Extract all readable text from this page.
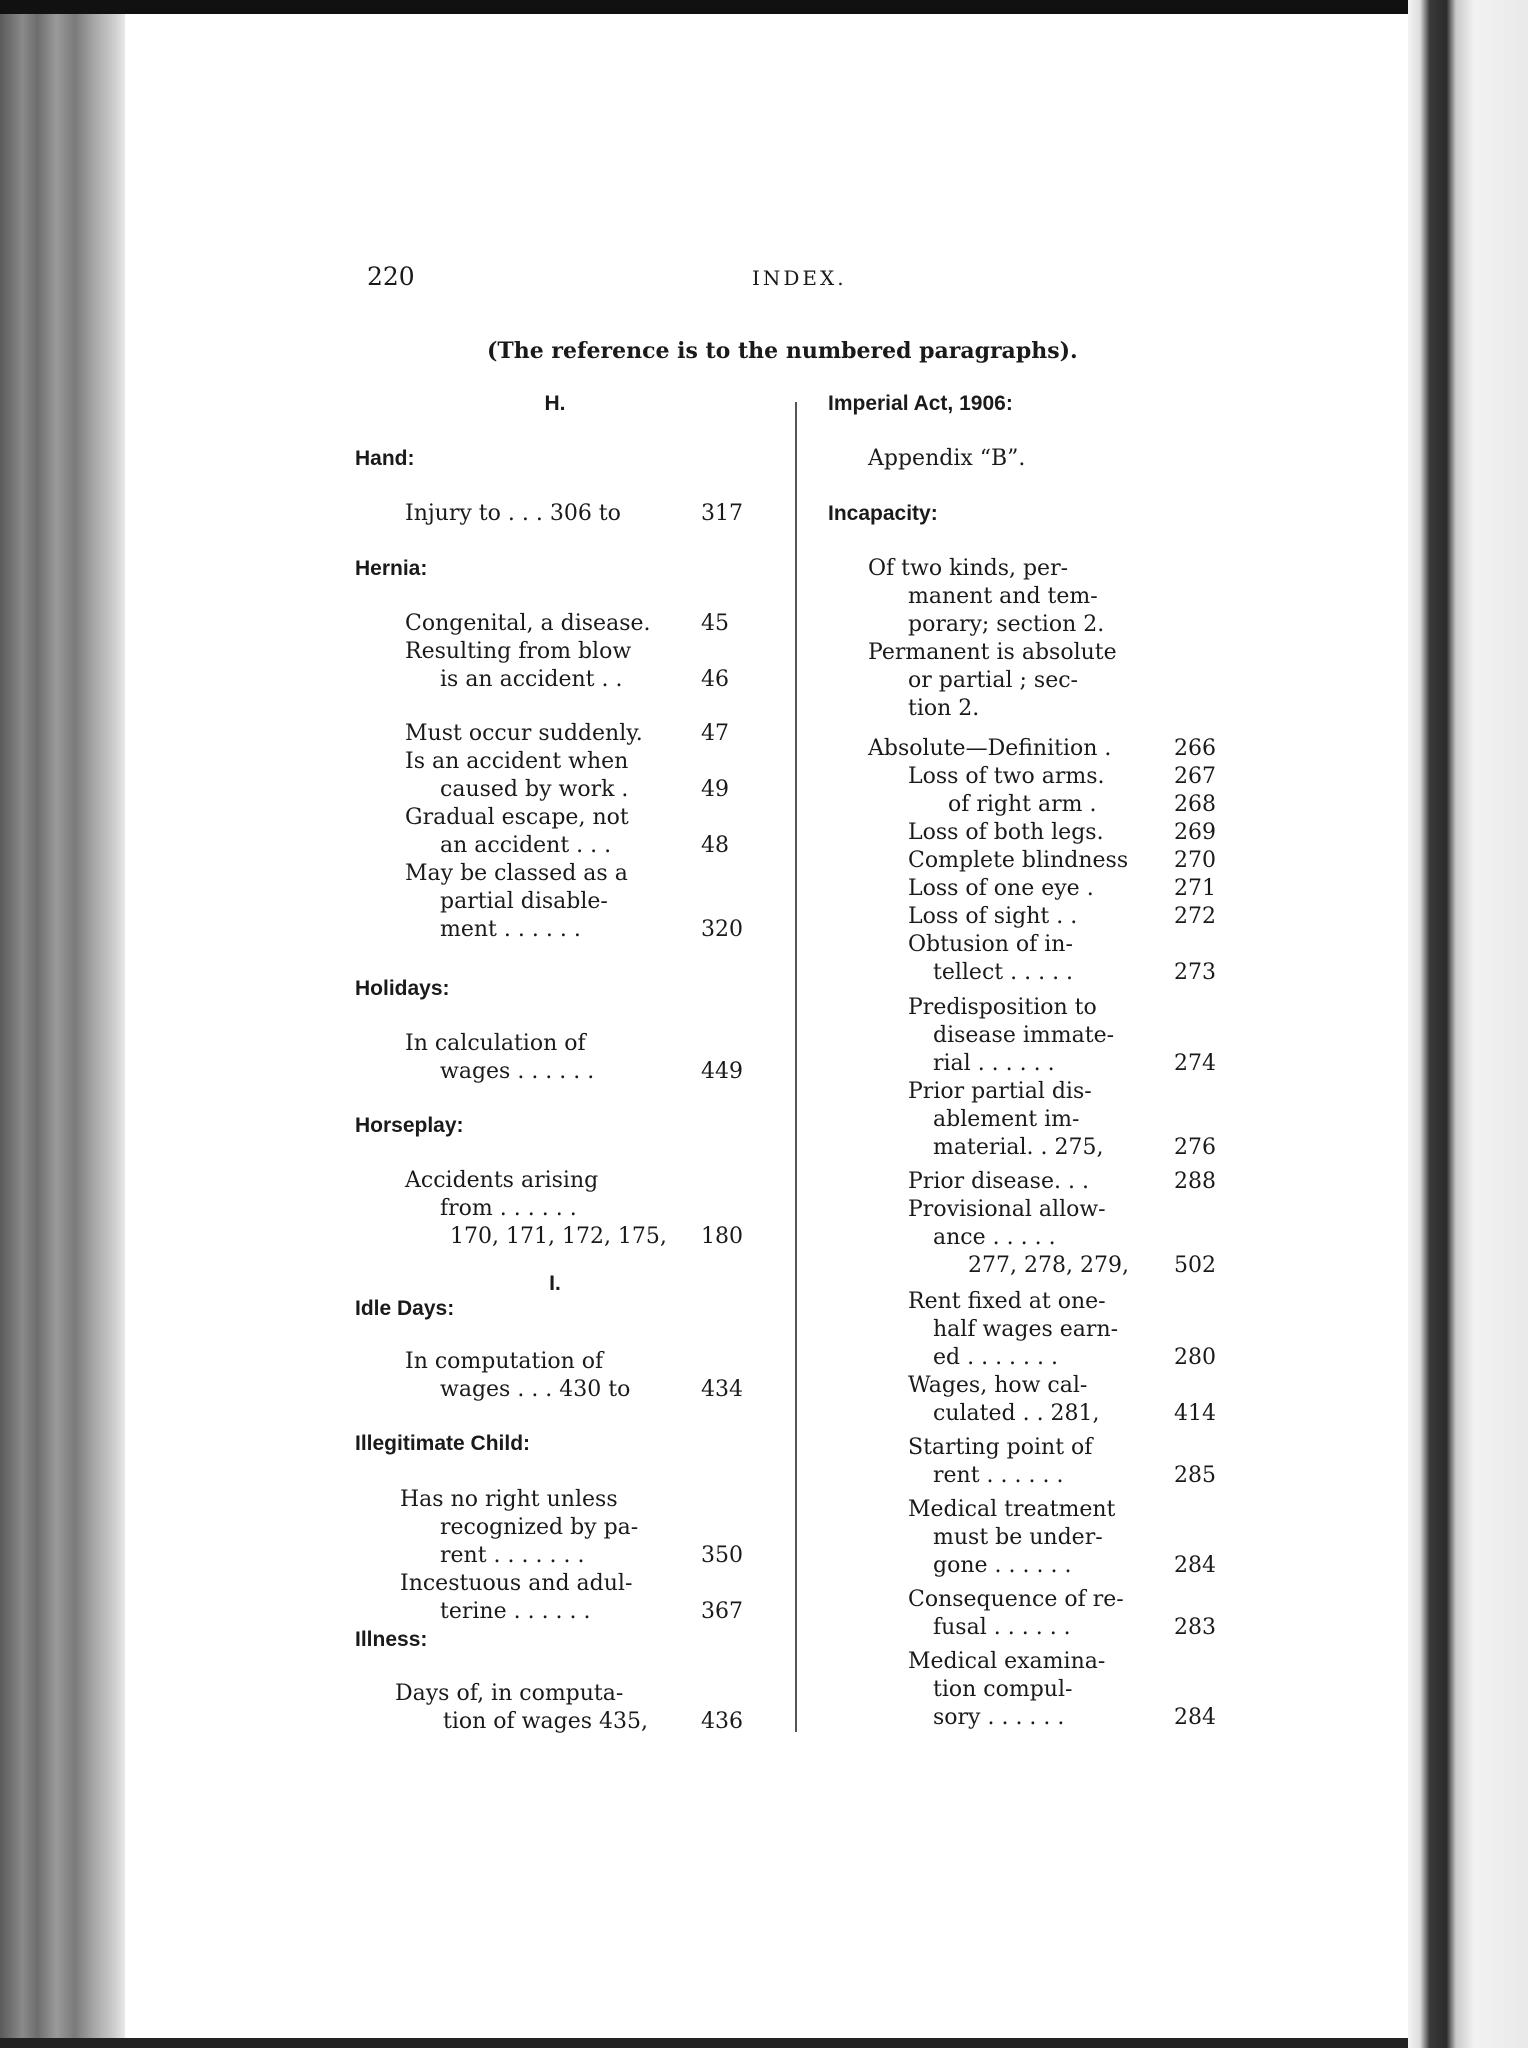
220	INDEX.
(The reference is to the numbered paragraphs).
H.
Hand:
Injury to . . . 306 to	317
Hernia:
Congenital, a disease.	45
Resulting from blow
is an accident . .	46
Must occur suddenly.	47
Is an accident when
caused by work .	49
Gradual escape, not
an accident . . .	48
May be classed as a
partial disable-
ment . . . . . .	320
Holidays:
In calculation of
wages . . . . . .	449
Horseplay:
Accidents arising
from . . . . . .
170, 171, 172, 175,	180
I.
Idle Days:
In computation of
wages . . . 430 to	434
Illegitimate Child:
Has no right unless
recognized by pa-
rent . . . . . . .	350
Incestuous and adul-
terine . . . . . .	367
Illness:
Days of, in computa-
tion of wages 435,	436
Imperial Act, 1906:
Appendix “B”.
Incapacity:
Of two kinds, per-
manent and tem-
porary; section 2.
Permanent is absolute
or partial ; sec-
tion 2.
Absolute—Definition .	266
Loss of two arms.	267
of right arm .	268
Loss of both legs.	269
Complete blindness	270
Loss of one eye .	271
Loss of sight . .	272
Obtusion of in-
tellect . . . . .	273
Predisposition to
disease immate-
rial . . . . . .	274
Prior partial dis-
ablement im-
material. . 275,	276
Prior disease. . .	288
Provisional allow-
ance . . . . .
277, 278, 279,	502
Rent fixed at one-
half wages earn-
ed . . . . . . .	280
Wages, how cal-
culated . . 281,	414
Starting point of
rent . . . . . .	285
Medical treatment
must be under-
gone . . . . . .	284
Consequence of re-
fusal . . . . . .	283
Medical examina-
tion compul-
sory . . . . . .	284
